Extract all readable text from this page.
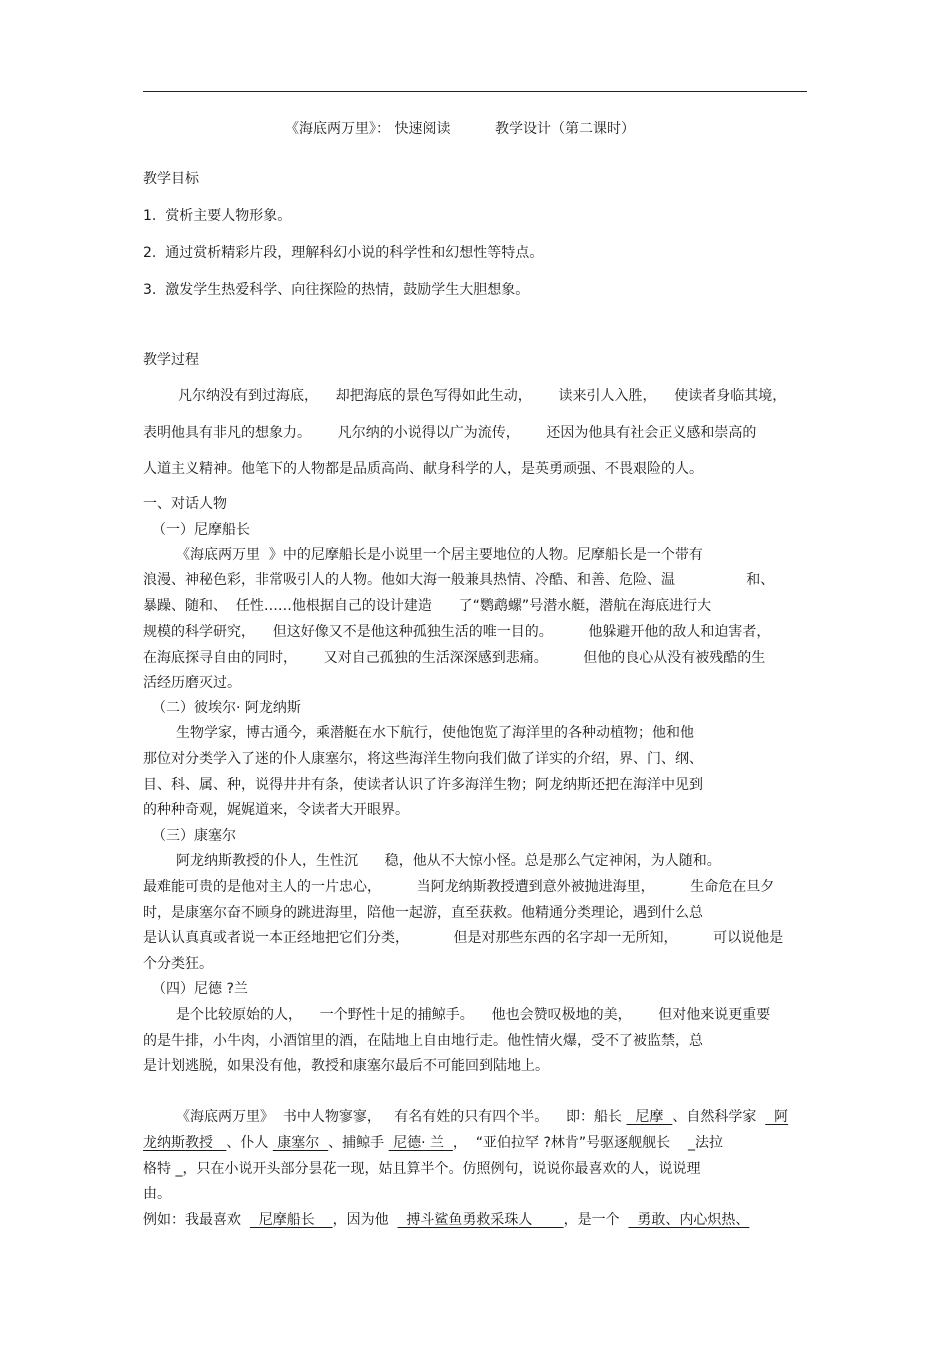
《海底两万里》： 快速阅读          教学设计（第二课时）
教学目标
1.  赏析主要人物形象。
2.  通过赏析精彩片段，理解科幻小说的科学性和幻想性等特点。
3.  激发学生热爱科学、向往探险的热情，鼓励学生大胆想象。
教学过程
凡尔纳没有到过海底，    却把海底的景色写得如此生动，      读来引人入胜，    使读者身临其境，
表明他具有非凡的想象力。      凡尔纳的小说得以广为流传，      还因为他具有社会正义感和崇高的
人道主义精神。他笔下的人物都是品质高尚、献身科学的人，是英勇顽强、不畏艰险的人。
一、对话人物
（一）尼摩船长
《海底两万里  》中的尼摩船长是小说里一个居主要地位的人物。尼摩船长是一个带有
浪漫、神秘色彩，非常吸引人的人物。他如大海一般兼具热情、冷酷、和善、危险、温                和、
暴躁、随和、  任性……他根据自己的设计建造      了“鹦鹉螺”号潜水艇，潜航在海底进行大
规模的科学研究，    但这好像又不是他这种孤独生活的唯一目的。        他躲避开他的敌人和迫害者，
在海底探寻自由的同时，      又对自己孤独的生活深深感到悲痛。        但他的良心从没有被残酷的生
活经历磨灭过。
（二）彼埃尔· 阿龙纳斯
生物学家，博古通今，乘潜艇在水下航行，使他饱览了海洋里的各种动植物；他和他
那位对分类学入了迷的仆人康塞尔，将这些海洋生物向我们做了详实的介绍，界、门、纲、
目、科、属、种，说得井井有条，使读者认识了许多海洋生物；阿龙纳斯还把在海洋中见到
的种种奇观，娓娓道来，令读者大开眼界。
（三）康塞尔
阿龙纳斯教授的仆人，生性沉      稳，他从不大惊小怪。总是那么气定神闲，为人随和。
最难能可贵的是他对主人的一片忠心，        当阿龙纳斯教授遭到意外被抛进海里，        生命危在旦夕
时，是康塞尔奋不顾身的跳进海里，陪他一起游，直至获救。他精通分类理论，遇到什么总
是认认真真或者说一本正经地把它们分类，          但是对那些东西的名字却一无所知，        可以说他是
个分类狂。
（四）尼德 ?兰
是个比较原始的人，    一个野性十足的捕鲸手。    他也会赞叹极地的美，      但对他来说更重要
的是牛排，小牛肉，小酒馆里的酒，在陆地上自由地行走。他性情火爆，受不了被监禁，总
是计划逃脱，如果没有他，教授和康塞尔最后不可能回到陆地上。
《海底两万里》  书中人物寥寥，   有名有姓的只有四个半。    即：船长   尼摩  、自然科学家    阿
龙纳斯教授   、仆人  康塞尔  、捕鲸手  尼德· 兰  ，  “亚伯拉罕 ?林肯”号驱逐舰舰长    _法拉
格特 _，只在小说开头部分昙花一现，姑且算半个。仿照例句，说说你最喜欢的人，说说理
由。
例如：我最喜欢    尼摩船长    ，因为他    搏斗鲨鱼勇救采珠人       ，是一个    勇敢、内心炽热、
